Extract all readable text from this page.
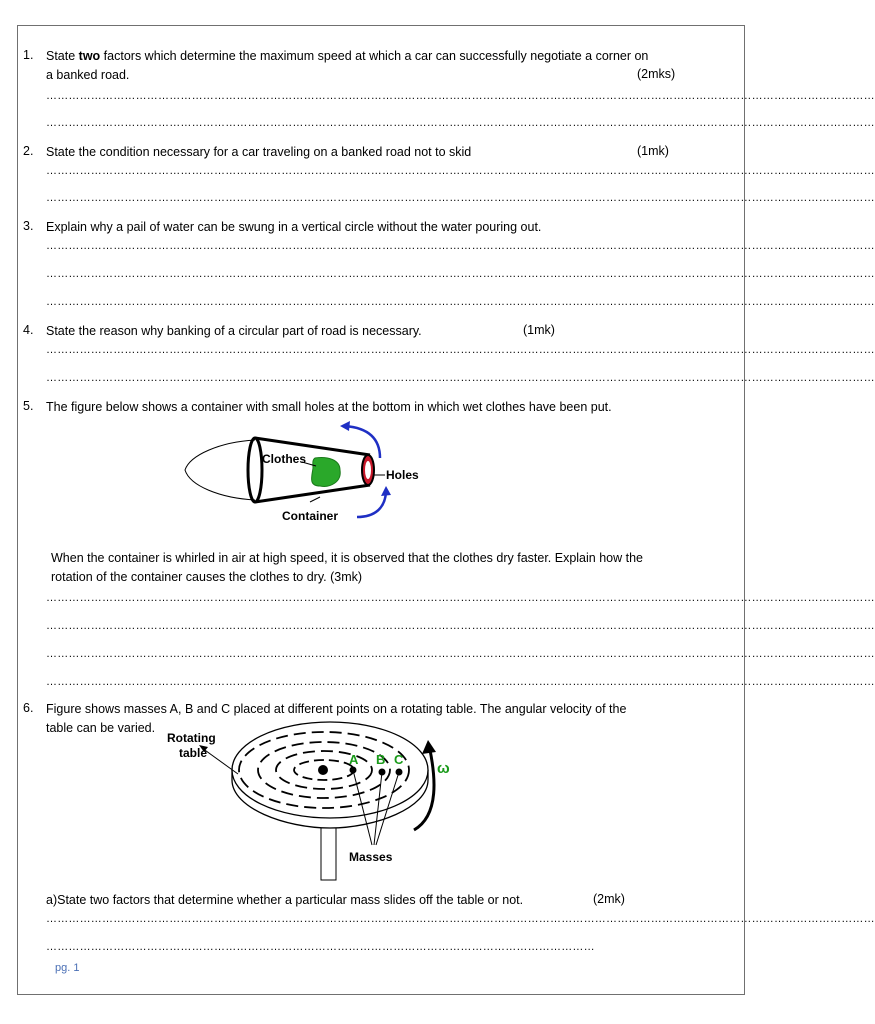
1. State two factors which determine the maximum speed at which a car can successfully negotiate a corner on
a banked road.	(2mks)
……………………………………………………………………………………………………………………………………………………………………………………………………
……………………………………………………………………………………………………………………………………………………………………………………………………
2. State the condition necessary for a car traveling on a banked road not to skid	(1mk)
……………………………………………………………………………………………………………………………………………………………………………………………………
……………………………………………………………………………………………………………………………………………………………………………………………………
3. Explain why a pail of water can be swung in a vertical circle without the water pouring out.
……………………………………………………………………………………………………………………………………………………………………………………………………
……………………………………………………………………………………………………………………………………………………………………………………………………
……………………………………………………………………………………………………………………………………………………………………………………………………
4. State the reason why banking of a circular part of road is necessary.	(1mk)
……………………………………………………………………………………………………………………………………………………………………………………………………
……………………………………………………………………………………………………………………………………………………………………………………………………
5. The figure below shows a container with small holes at the bottom in which wet clothes have been put.
Clothes
Holes
Container
When the container is whirled in air at high speed, it is observed that the clothes dry faster. Explain how the
rotation of the container causes the clothes to dry. (3mk)
……………………………………………………………………………………………………………………………………………………………………………………………………
……………………………………………………………………………………………………………………………………………………………………………………………………
……………………………………………………………………………………………………………………………………………………………………………………………………
……………………………………………………………………………………………………………………………………………………………………………………………………
6. Figure shows masses A, B and C placed at different points on a rotating table. The angular velocity of the
table can be varied.
Rotating
table	A B C
ω
Masses
a)State two factors that determine whether a particular mass slides off the table or not.	(2mk)
……………………………………………………………………………………………………………………………………………………………………………………………………
…………………………………………………………………………………………………………………………………
pg. 1
